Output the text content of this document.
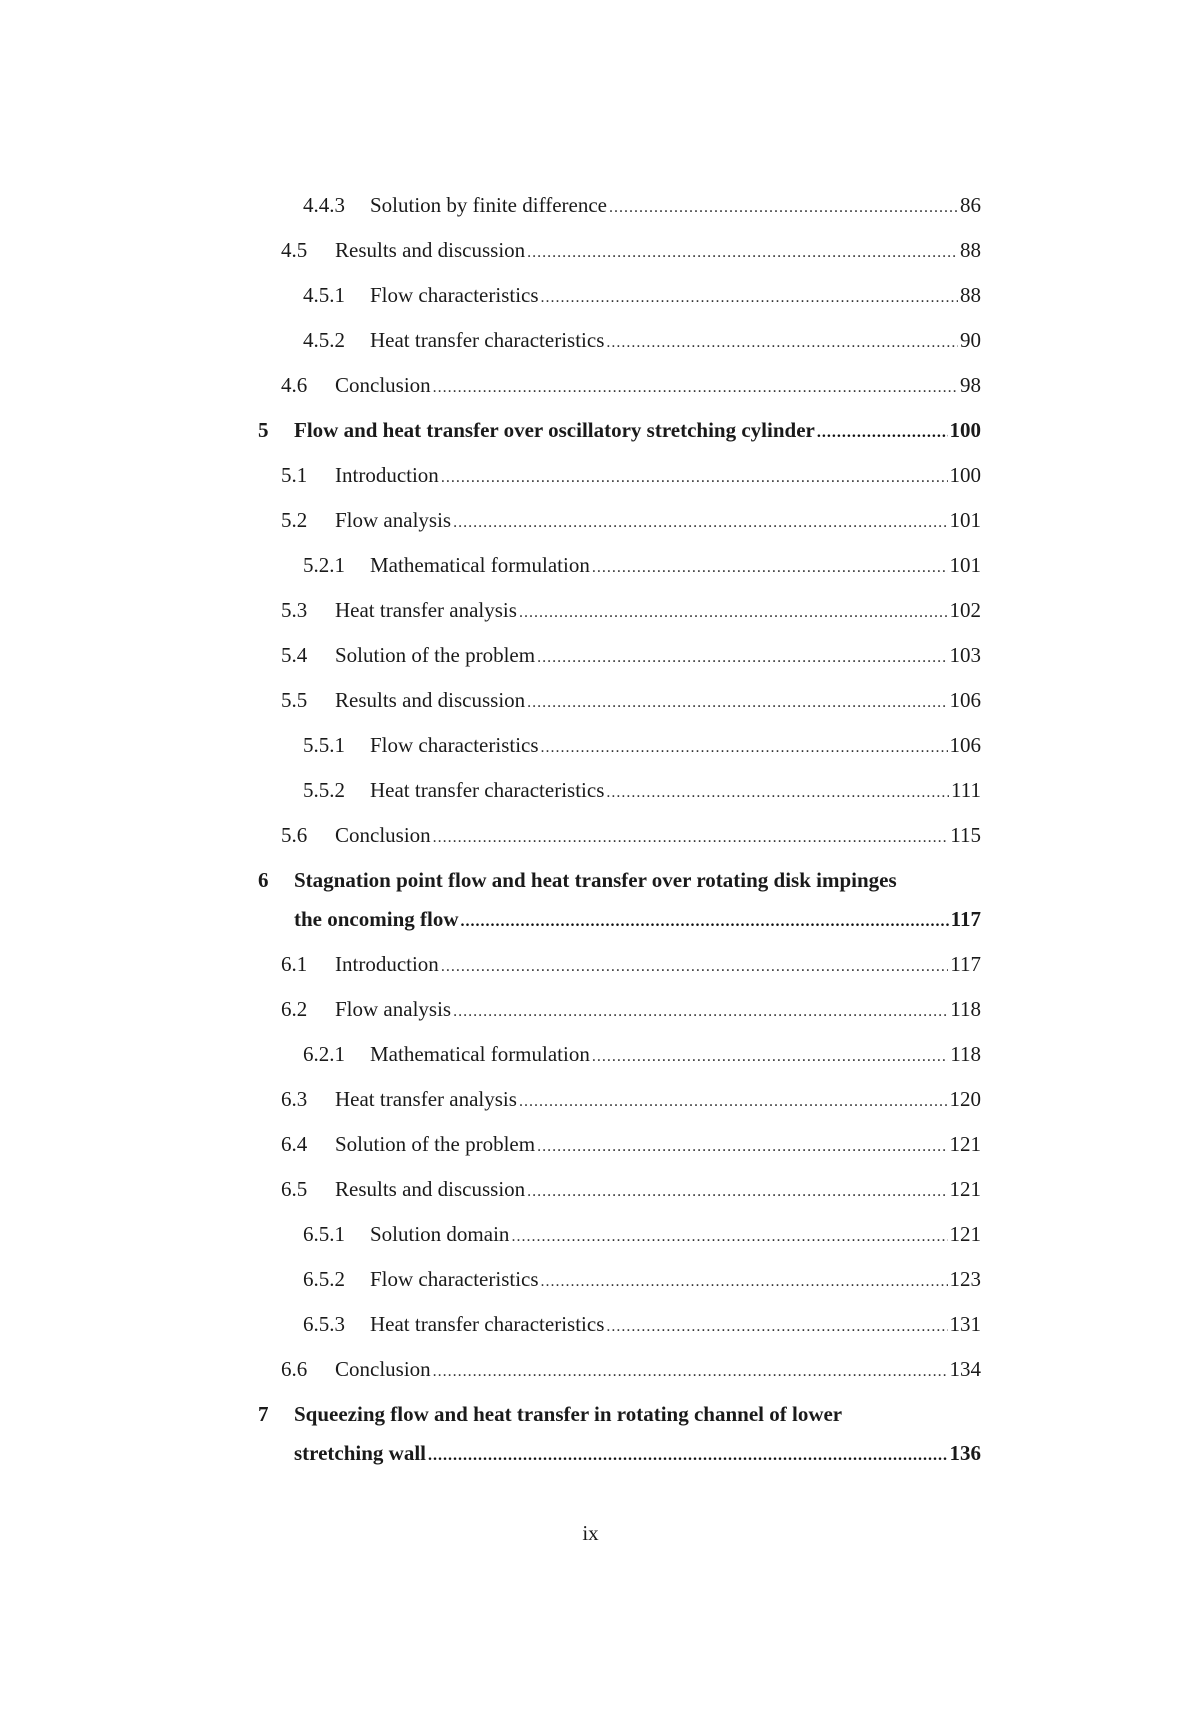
4.4.3	Solution by finite difference .....	86
4.5	Results and discussion .....	88
4.5.1	Flow characteristics .....	88
4.5.2	Heat transfer characteristics .....	90
4.6	Conclusion .....	98
5	Flow and heat transfer over oscillatory stretching cylinder .....	100
5.1	Introduction .....	100
5.2	Flow analysis .....	101
5.2.1	Mathematical formulation .....	101
5.3	Heat transfer analysis .....	102
5.4	Solution of the problem .....	103
5.5	Results and discussion .....	106
5.5.1	Flow characteristics .....	106
5.5.2	Heat transfer characteristics .....	111
5.6	Conclusion .....	115
6	Stagnation point flow and heat transfer over rotating disk impinges
the oncoming flow .....	117
6.1	Introduction .....	117
6.2	Flow analysis .....	118
6.2.1	Mathematical formulation .....	118
6.3	Heat transfer analysis .....	120
6.4	Solution of the problem .....	121
6.5	Results and discussion .....	121
6.5.1	Solution domain .....	121
6.5.2	Flow characteristics .....	123
6.5.3	Heat transfer characteristics .....	131
6.6	Conclusion .....	134
7	Squeezing flow and heat transfer in rotating channel of lower
stretching wall .....	136
ix
